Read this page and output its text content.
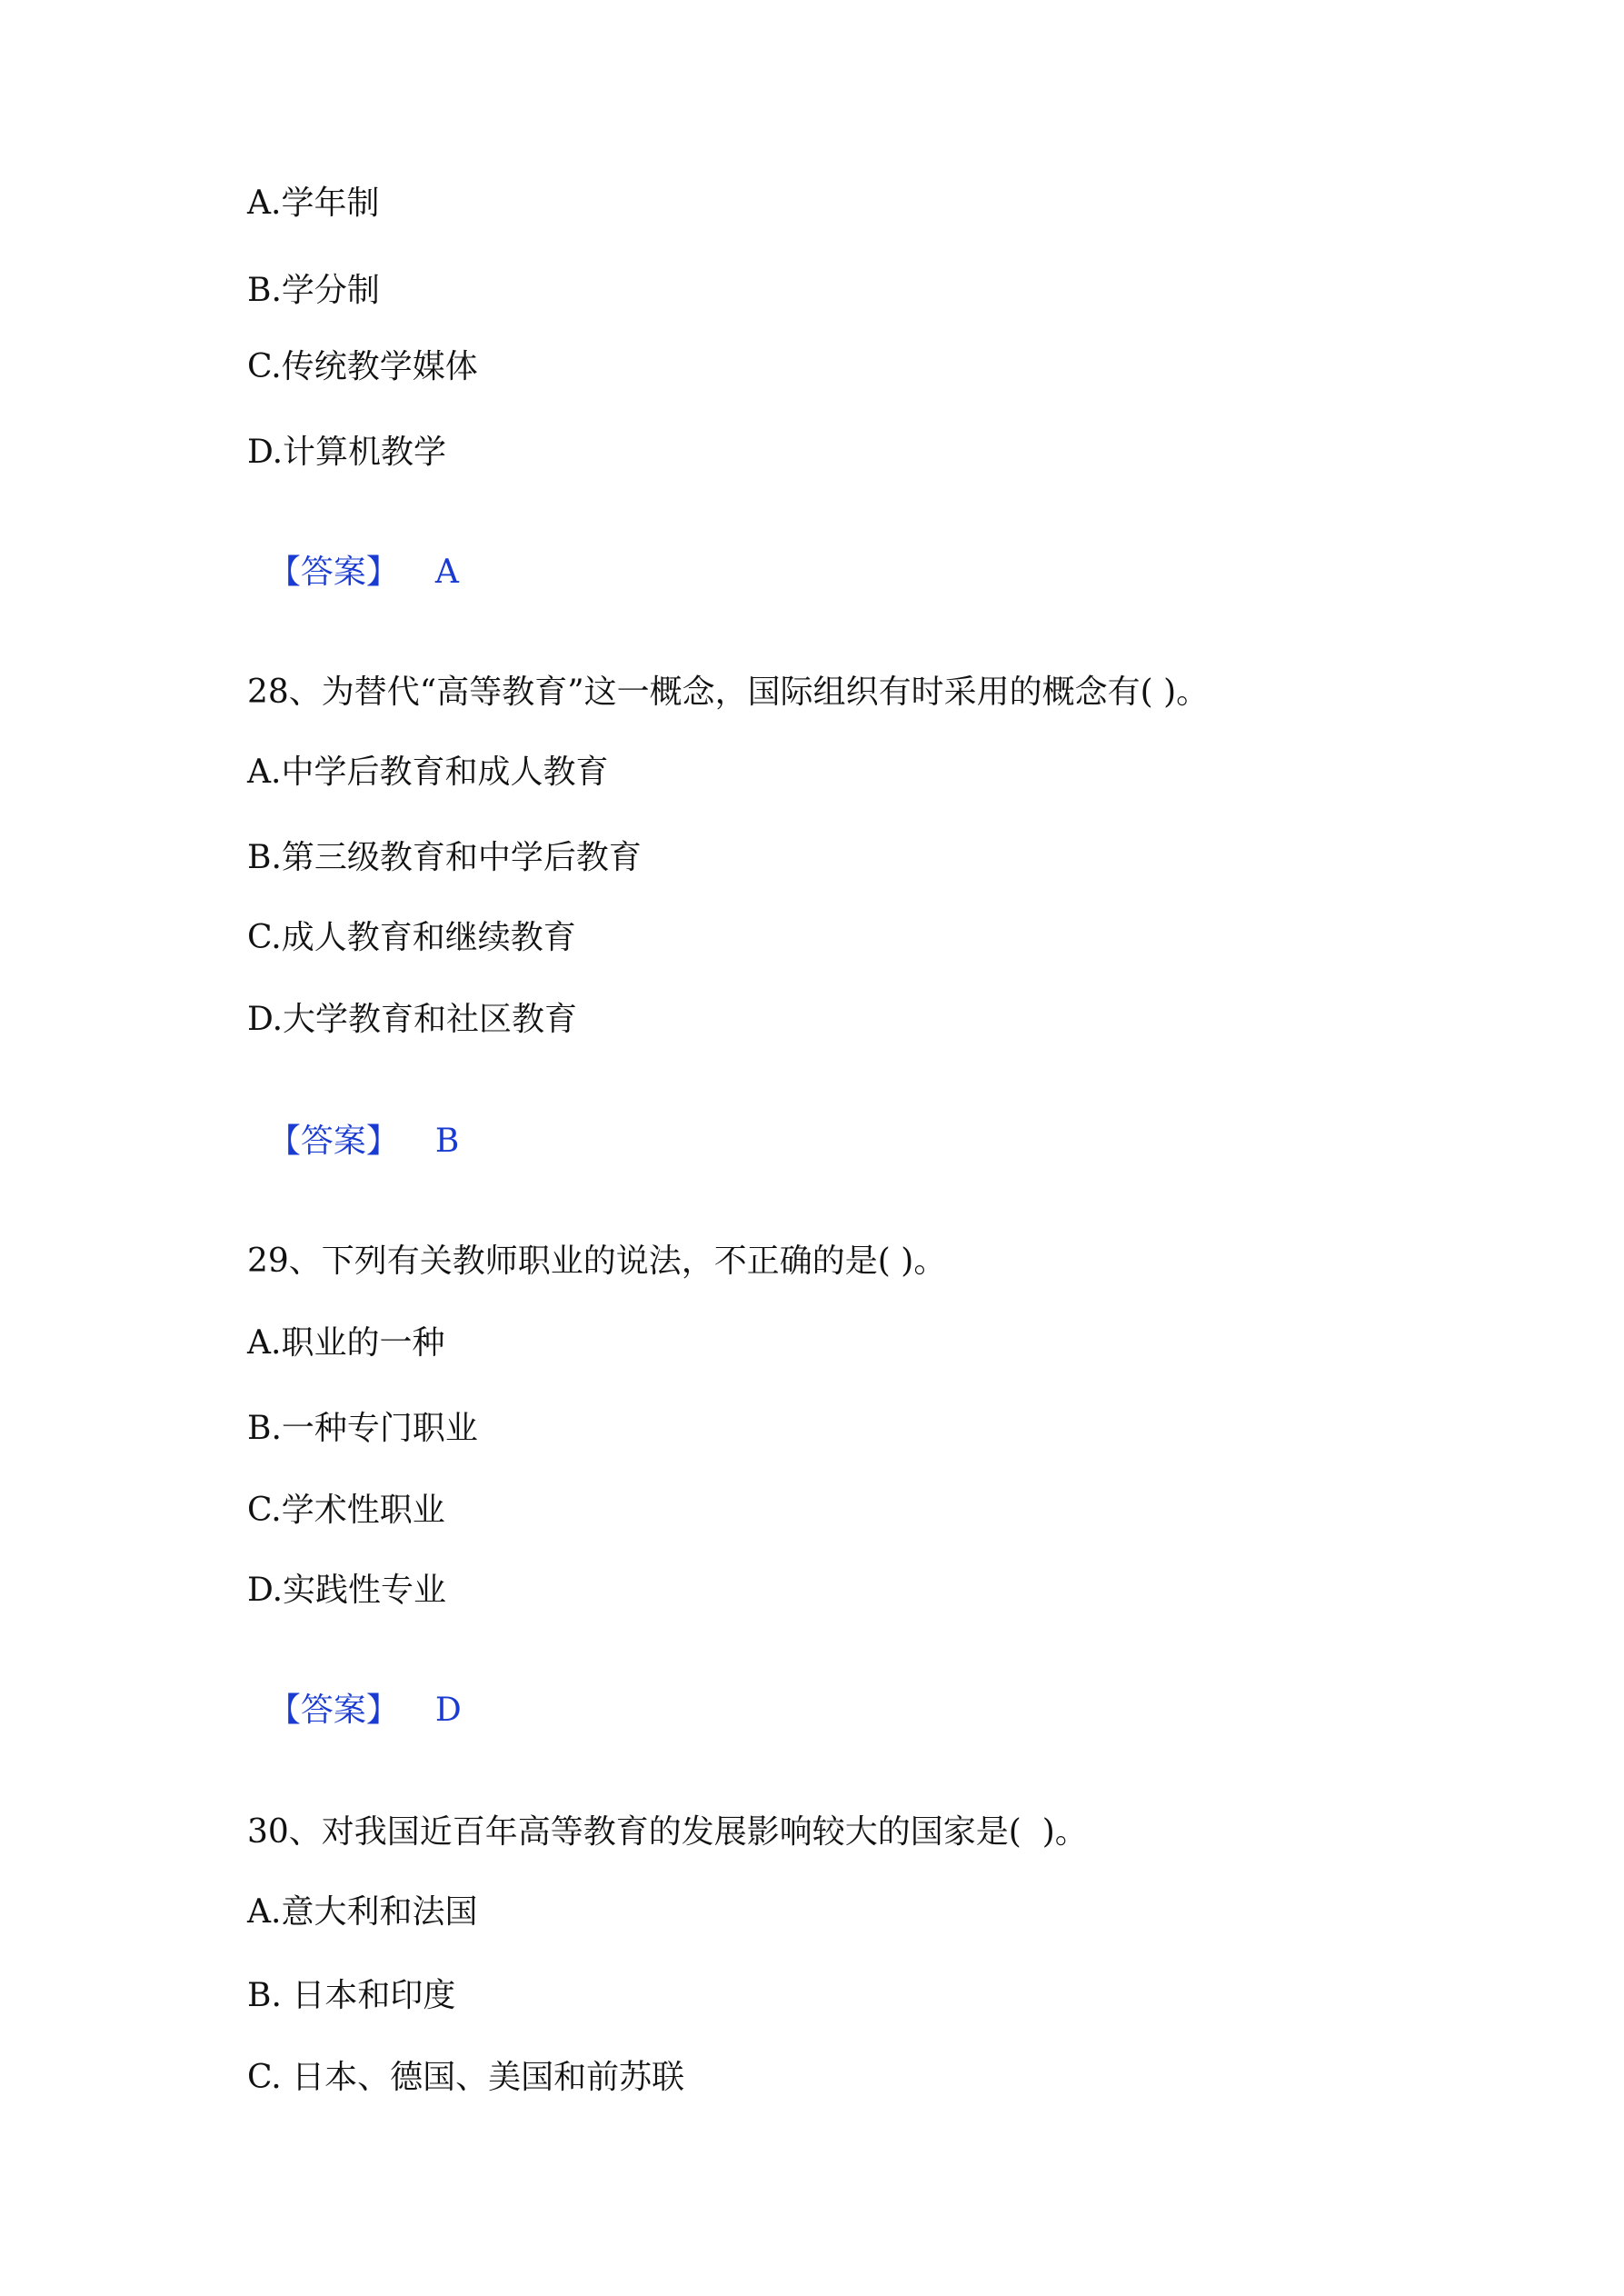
A.学年制
B.学分制
C.传统教学媒体
D.计算机教学

【答案】 A

28、为替代“高等教育”这一概念，国际组织有时采用的概念有( )。
A.中学后教育和成人教育
B.第三级教育和中学后教育
C.成人教育和继续教育
D.大学教育和社区教育

【答案】 B

29、下列有关教师职业的说法，不正确的是( )。
A.职业的一种
B.一种专门职业
C.学术性职业
D.实践性专业

【答案】 D

30、对我国近百年高等教育的发展影响较大的国家是(  )。
A.意大利和法国
B. 日本和印度
C. 日本、德国、美国和前苏联
